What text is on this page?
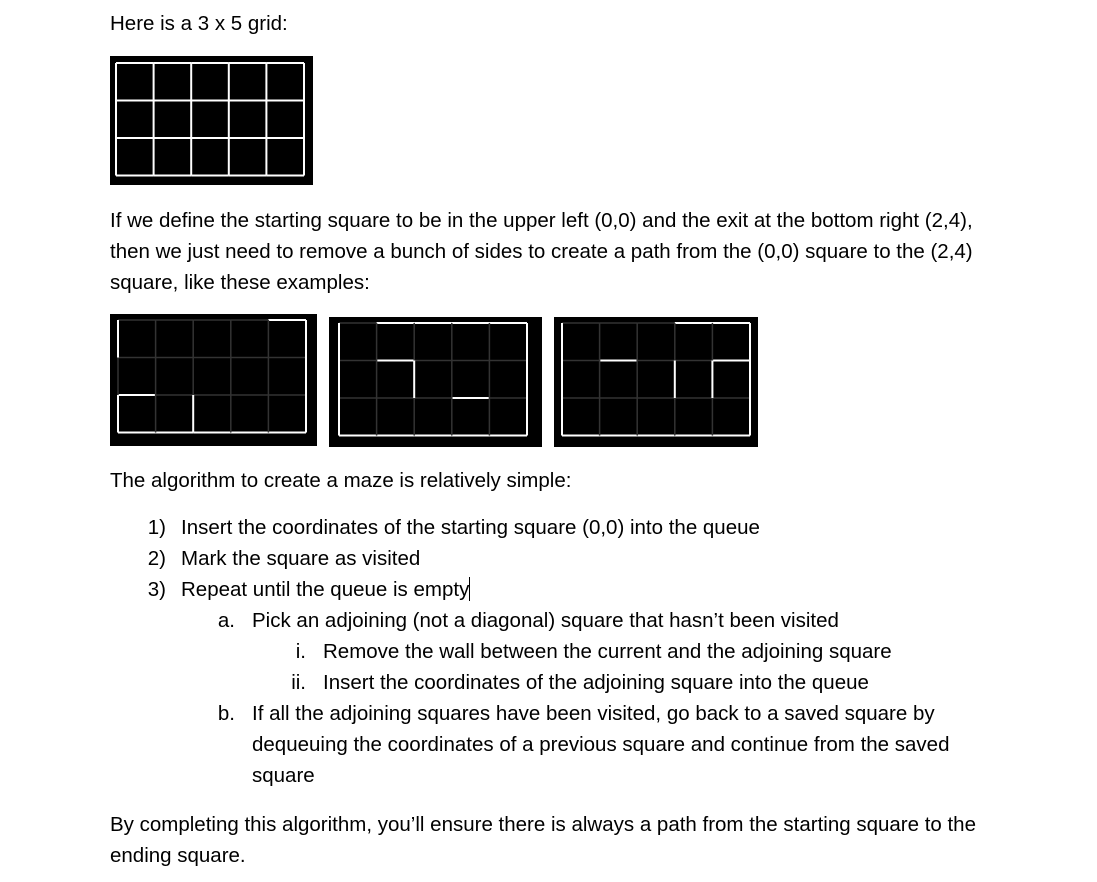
Here is a 3 x 5 grid:
If we define the starting square to be in the upper left (0,0) and the exit at the bottom right (2,4), then we just need to remove a bunch of sides to create a path from the (0,0) square to the (2,4) square, like these examples:
The algorithm to create a maze is relatively simple:
1) Insert the coordinates of the starting square (0,0) into the queue
2) Mark the square as visited
3) Repeat until the queue is empty
a. Pick an adjoining (not a diagonal) square that hasn’t been visited
i. Remove the wall between the current and the adjoining square
ii. Insert the coordinates of the adjoining square into the queue
b. If all the adjoining squares have been visited, go back to a saved square by dequeuing the coordinates of a previous square and continue from the saved square
By completing this algorithm, you’ll ensure there is always a path from the starting square to the ending square.
